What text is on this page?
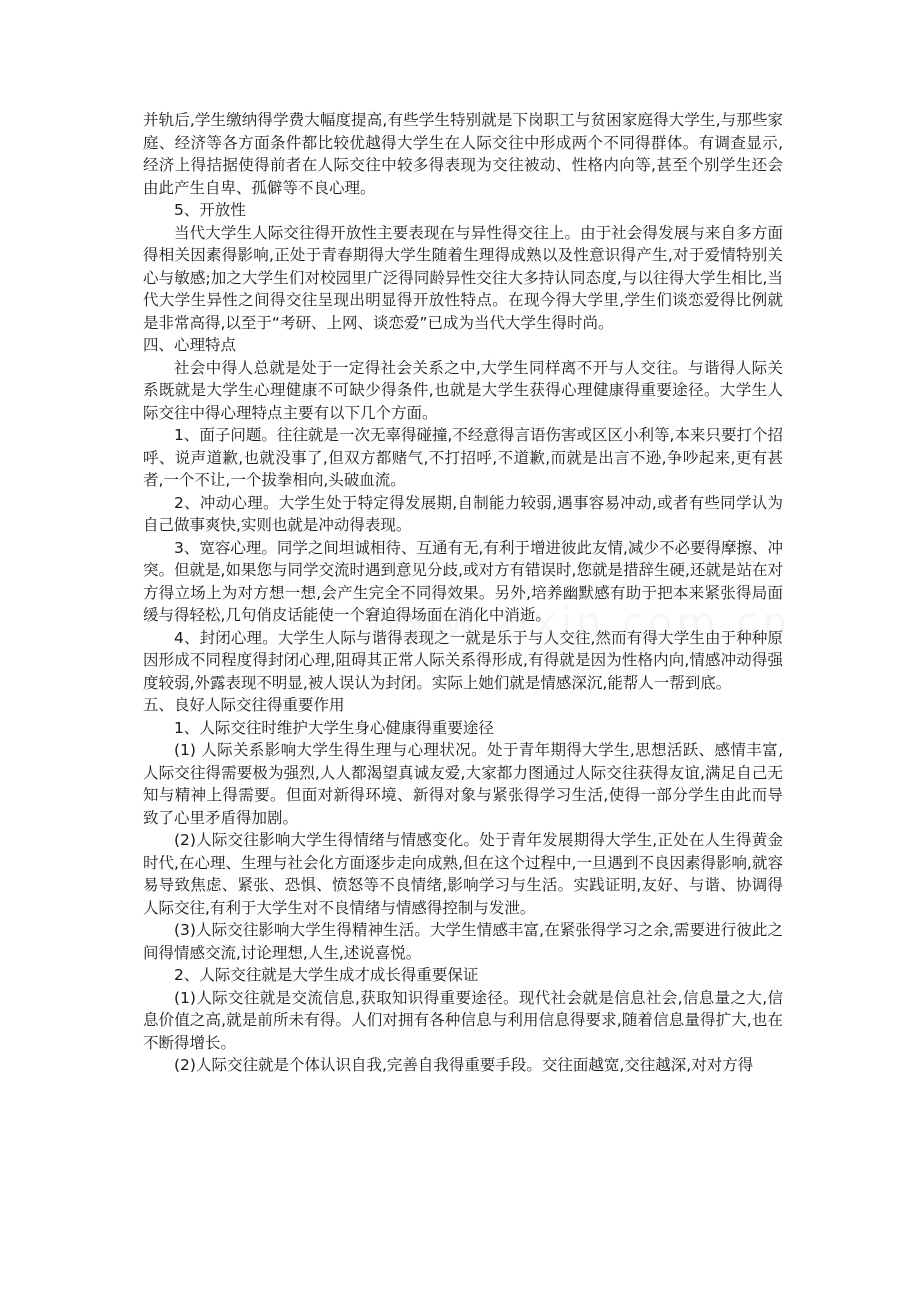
并轨后,学生缴纳得学费大幅度提高,有些学生特别就是下岗职工与贫困家庭得大学生,与那些家庭、经济等各方面条件都比较优越得大学生在人际交往中形成两个不同得群体。有调查显示,经济上得拮据使得前者在人际交往中较多得表现为交往被动、性格内向等,甚至个别学生还会由此产生自卑、孤僻等不良心理。

5、开放性

当代大学生人际交往得开放性主要表现在与异性得交往上。由于社会得发展与来自多方面得相关因素得影响,正处于青春期得大学生随着生理得成熟以及性意识得产生,对于爱情特别关心与敏感;加之大学生们对校园里广泛得同龄异性交往大多持认同态度,与以往得大学生相比,当代大学生异性之间得交往呈现出明显得开放性特点。在现今得大学里,学生们谈恋爱得比例就是非常高得,以至于“考研、上网、谈恋爱”已成为当代大学生得时尚。

四、心理特点

社会中得人总就是处于一定得社会关系之中,大学生同样离不开与人交往。与谐得人际关系既就是大学生心理健康不可缺少得条件,也就是大学生获得心理健康得重要途径。大学生人际交往中得心理特点主要有以下几个方面。

1、面子问题。往往就是一次无辜得碰撞,不经意得言语伤害或区区小利等,本来只要打个招呼、说声道歉,也就没事了,但双方都赌气,不打招呼,不道歉,而就是出言不逊,争吵起来,更有甚者,一个不让,一个拔拳相向,头破血流。

2、冲动心理。大学生处于特定得发展期,自制能力较弱,遇事容易冲动,或者有些同学认为自己做事爽快,实则也就是冲动得表现。

3、宽容心理。同学之间坦诚相待、互通有无,有利于增进彼此友情,减少不必要得摩擦、冲突。但就是,如果您与同学交流时遇到意见分歧,或对方有错误时,您就是措辞生硬,还就是站在对方得立场上为对方想一想,会产生完全不同得效果。另外,培养幽默感有助于把本来紧张得局面缓与得轻松,几句俏皮话能使一个窘迫得场面在消化中消逝。

4、封闭心理。大学生人际与谐得表现之一就是乐于与人交往,然而有得大学生由于种种原因形成不同程度得封闭心理,阻碍其正常人际关系得形成,有得就是因为性格内向,情感冲动得强度较弱,外露表现不明显,被人误认为封闭。实际上她们就是情感深沉,能帮人一帮到底。

五、良好人际交往得重要作用

1、人际交往时维护大学生身心健康得重要途径

(1) 人际关系影响大学生得生理与心理状况。处于青年期得大学生,思想活跃、感情丰富,人际交往得需要极为强烈,人人都渴望真诚友爱,大家都力图通过人际交往获得友谊,满足自己无知与精神上得需要。但面对新得环境、新得对象与紧张得学习生活,使得一部分学生由此而导致了心里矛盾得加剧。

(2)人际交往影响大学生得情绪与情感变化。处于青年发展期得大学生,正处在人生得黄金时代,在心理、生理与社会化方面逐步走向成熟,但在这个过程中,一旦遇到不良因素得影响,就容易导致焦虑、紧张、恐惧、愤怒等不良情绪,影响学习与生活。实践证明,友好、与谐、协调得人际交往,有利于大学生对不良情绪与情感得控制与发泄。

(3)人际交往影响大学生得精神生活。大学生情感丰富,在紧张得学习之余,需要进行彼此之间得情感交流,讨论理想,人生,述说喜悦。

2、人际交往就是大学生成才成长得重要保证

(1)人际交往就是交流信息,获取知识得重要途径。现代社会就是信息社会,信息量之大,信息价值之高,就是前所未有得。人们对拥有各种信息与利用信息得要求,随着信息量得扩大,也在不断得增长。

(2)人际交往就是个体认识自我,完善自我得重要手段。交往面越宽,交往越深,对对方得
